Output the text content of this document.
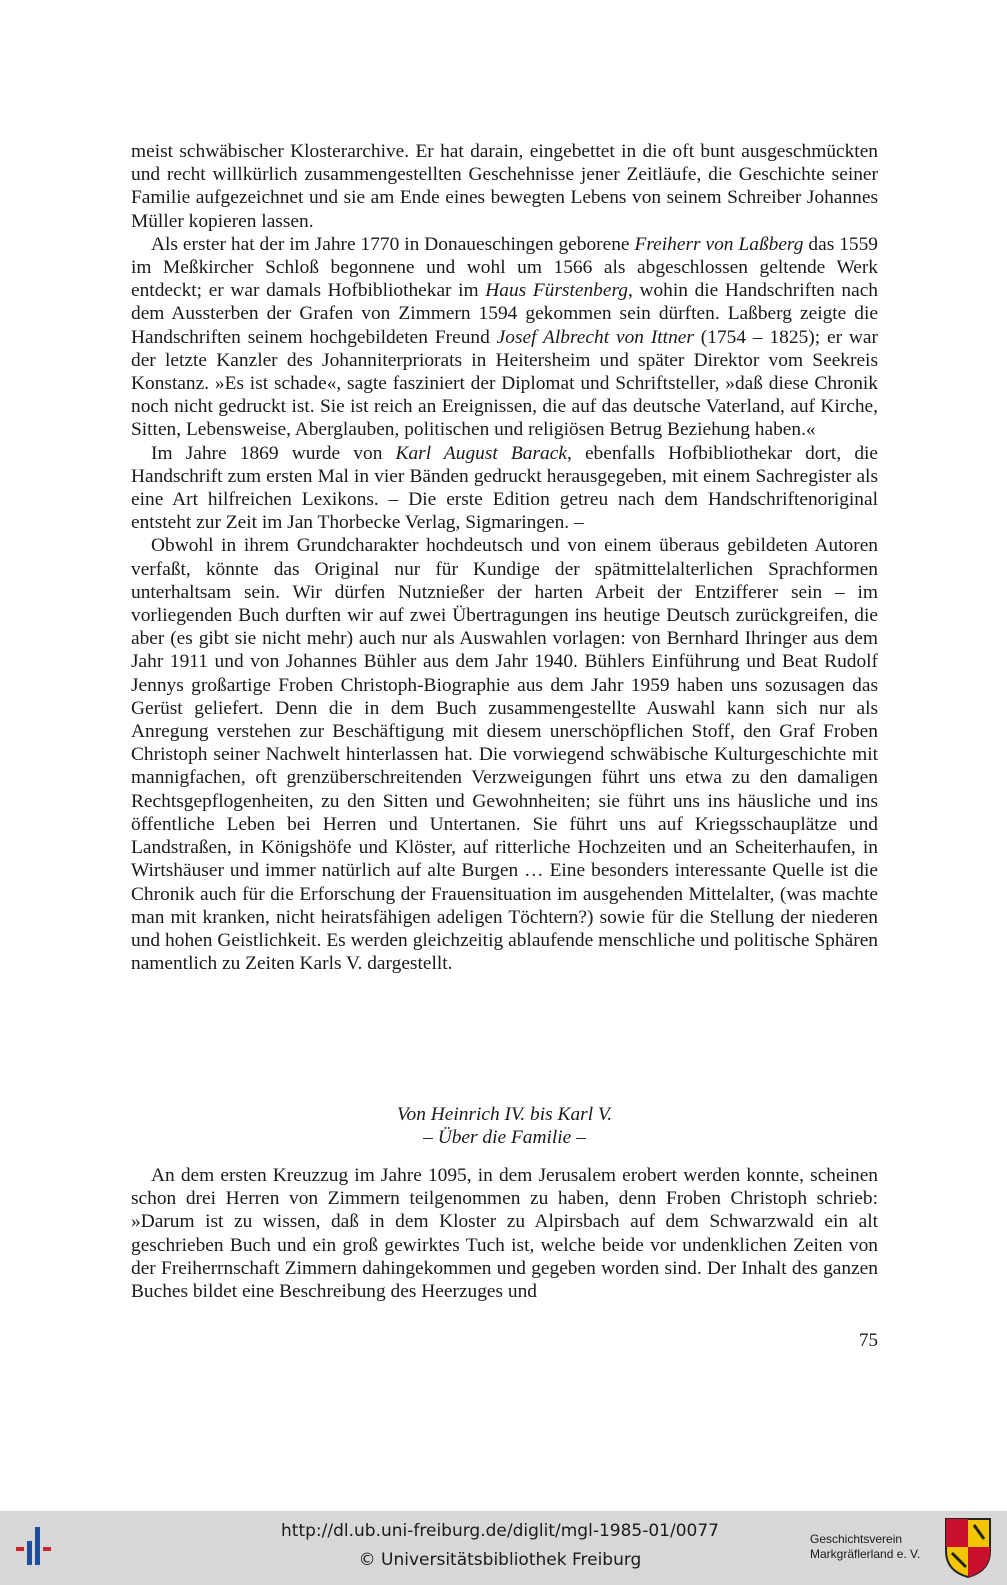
meist schwäbischer Klosterarchive. Er hat darain, eingebettet in die oft bunt ausgeschmückten und recht willkürlich zusammengestellten Geschehnisse jener Zeitläufe, die Geschichte seiner Familie aufgezeichnet und sie am Ende eines bewegten Lebens von seinem Schreiber Johannes Müller kopieren lassen.

Als erster hat der im Jahre 1770 in Donaueschingen geborene Freiherr von Laßberg das 1559 im Meßkircher Schloß begonnene und wohl um 1566 als abgeschlossen geltende Werk entdeckt; er war damals Hofbibliothekar im Haus Fürstenberg, wohin die Handschriften nach dem Aussterben der Grafen von Zimmern 1594 gekommen sein dürften. Laßberg zeigte die Handschriften seinem hochgebildeten Freund Josef Albrecht von Ittner (1754 – 1825); er war der letzte Kanzler des Johanniterpriorats in Heitersheim und später Direktor vom Seekreis Konstanz. »Es ist schade«, sagte fasziniert der Diplomat und Schriftsteller, »daß diese Chronik noch nicht gedruckt ist. Sie ist reich an Ereignissen, die auf das deutsche Vaterland, auf Kirche, Sitten, Lebensweise, Aberglauben, politischen und religiösen Betrug Beziehung haben.«

Im Jahre 1869 wurde von Karl August Barack, ebenfalls Hofbibliothekar dort, die Handschrift zum ersten Mal in vier Bänden gedruckt herausgegeben, mit einem Sachregister als eine Art hilfreichen Lexikons. – Die erste Edition getreu nach dem Handschriftenoriginal entsteht zur Zeit im Jan Thorbecke Verlag, Sigmaringen. –

Obwohl in ihrem Grundcharakter hochdeutsch und von einem überaus gebildeten Autoren verfaßt, könnte das Original nur für Kundige der spätmittelalterlichen Sprachformen unterhaltsam sein. Wir dürfen Nutznießer der harten Arbeit der Entzifferer sein – im vorliegenden Buch durften wir auf zwei Übertragungen ins heutige Deutsch zurückgreifen, die aber (es gibt sie nicht mehr) auch nur als Auswahlen vorlagen: von Bernhard Ihringer aus dem Jahr 1911 und von Johannes Bühler aus dem Jahr 1940. Bühlers Einführung und Beat Rudolf Jennys großartige Froben Christoph-Biographie aus dem Jahr 1959 haben uns sozusagen das Gerüst geliefert. Denn die in dem Buch zusammengestellte Auswahl kann sich nur als Anregung verstehen zur Beschäftigung mit diesem unerschöpflichen Stoff, den Graf Froben Christoph seiner Nachwelt hinterlassen hat. Die vorwiegend schwäbische Kulturgeschichte mit mannigfachen, oft grenzüberschreitenden Verzweigungen führt uns etwa zu den damaligen Rechtsgepflogenheiten, zu den Sitten und Gewohnheiten; sie führt uns ins häusliche und ins öffentliche Leben bei Herren und Untertanen. Sie führt uns auf Kriegsschauplätze und Landstraßen, in Königshöfe und Klöster, auf ritterliche Hochzeiten und an Scheiterhaufen, in Wirtshäuser und immer natürlich auf alte Burgen … Eine besonders interessante Quelle ist die Chronik auch für die Erforschung der Frauensituation im ausgehenden Mittelalter, (was machte man mit kranken, nicht heiratsfähigen adeligen Töchtern?) sowie für die Stellung der niederen und hohen Geistlichkeit. Es werden gleichzeitig ablaufende menschliche und politische Sphären namentlich zu Zeiten Karls V. dargestellt.

Von Heinrich IV. bis Karl V.
– Über die Familie –

An dem ersten Kreuzzug im Jahre 1095, in dem Jerusalem erobert werden konnte, scheinen schon drei Herren von Zimmern teilgenommen zu haben, denn Froben Christoph schrieb: »Darum ist zu wissen, daß in dem Kloster zu Alpirsbach auf dem Schwarzwald ein alt geschrieben Buch und ein groß gewirktes Tuch ist, welche beide vor undenklichen Zeiten von der Freiherrnschaft Zimmern dahingekommen und gegeben worden sind. Der Inhalt des ganzen Buches bildet eine Beschreibung des Heerzuges und

75
http://dl.ub.uni-freiburg.de/diglit/mgl-1985-01/0077
© Universitätsbibliothek Freiburg
Geschichtsverein
Markgräflerland e. V.
